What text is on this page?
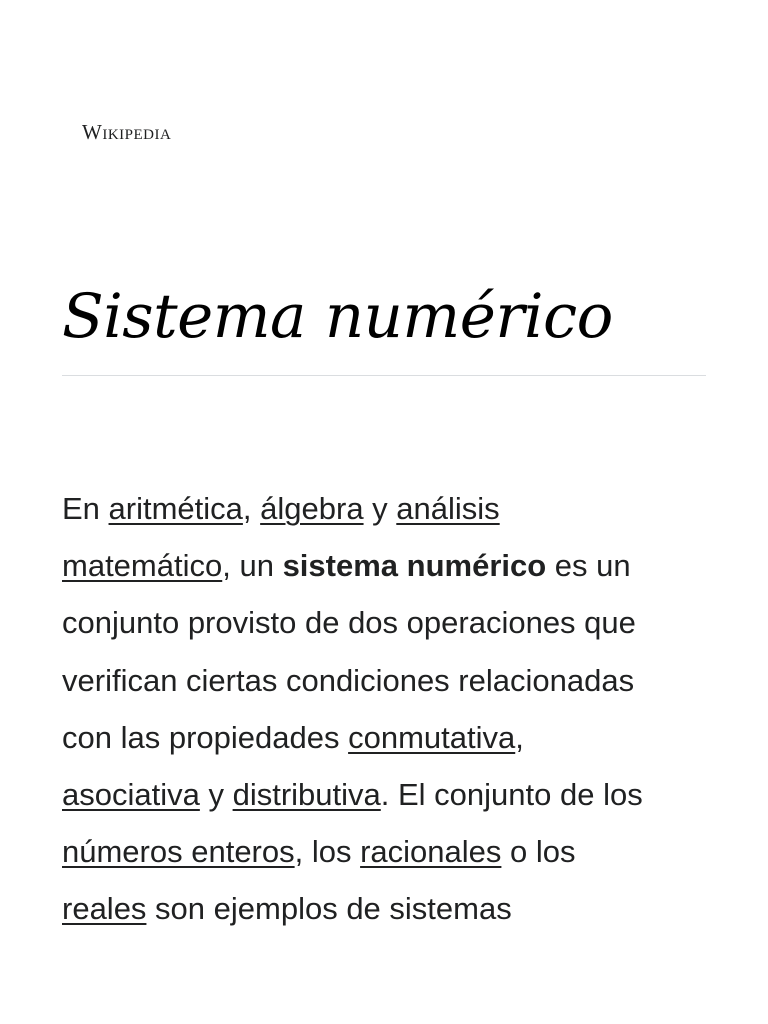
Wikipedia
Sistema numérico
En aritmética, álgebra y análisis
matemático, un sistema numérico es un
conjunto provisto de dos operaciones que
verifican ciertas condiciones relacionadas
con las propiedades conmutativa,
asociativa y distributiva. El conjunto de los
números enteros, los racionales o los
reales son ejemplos de sistemas
